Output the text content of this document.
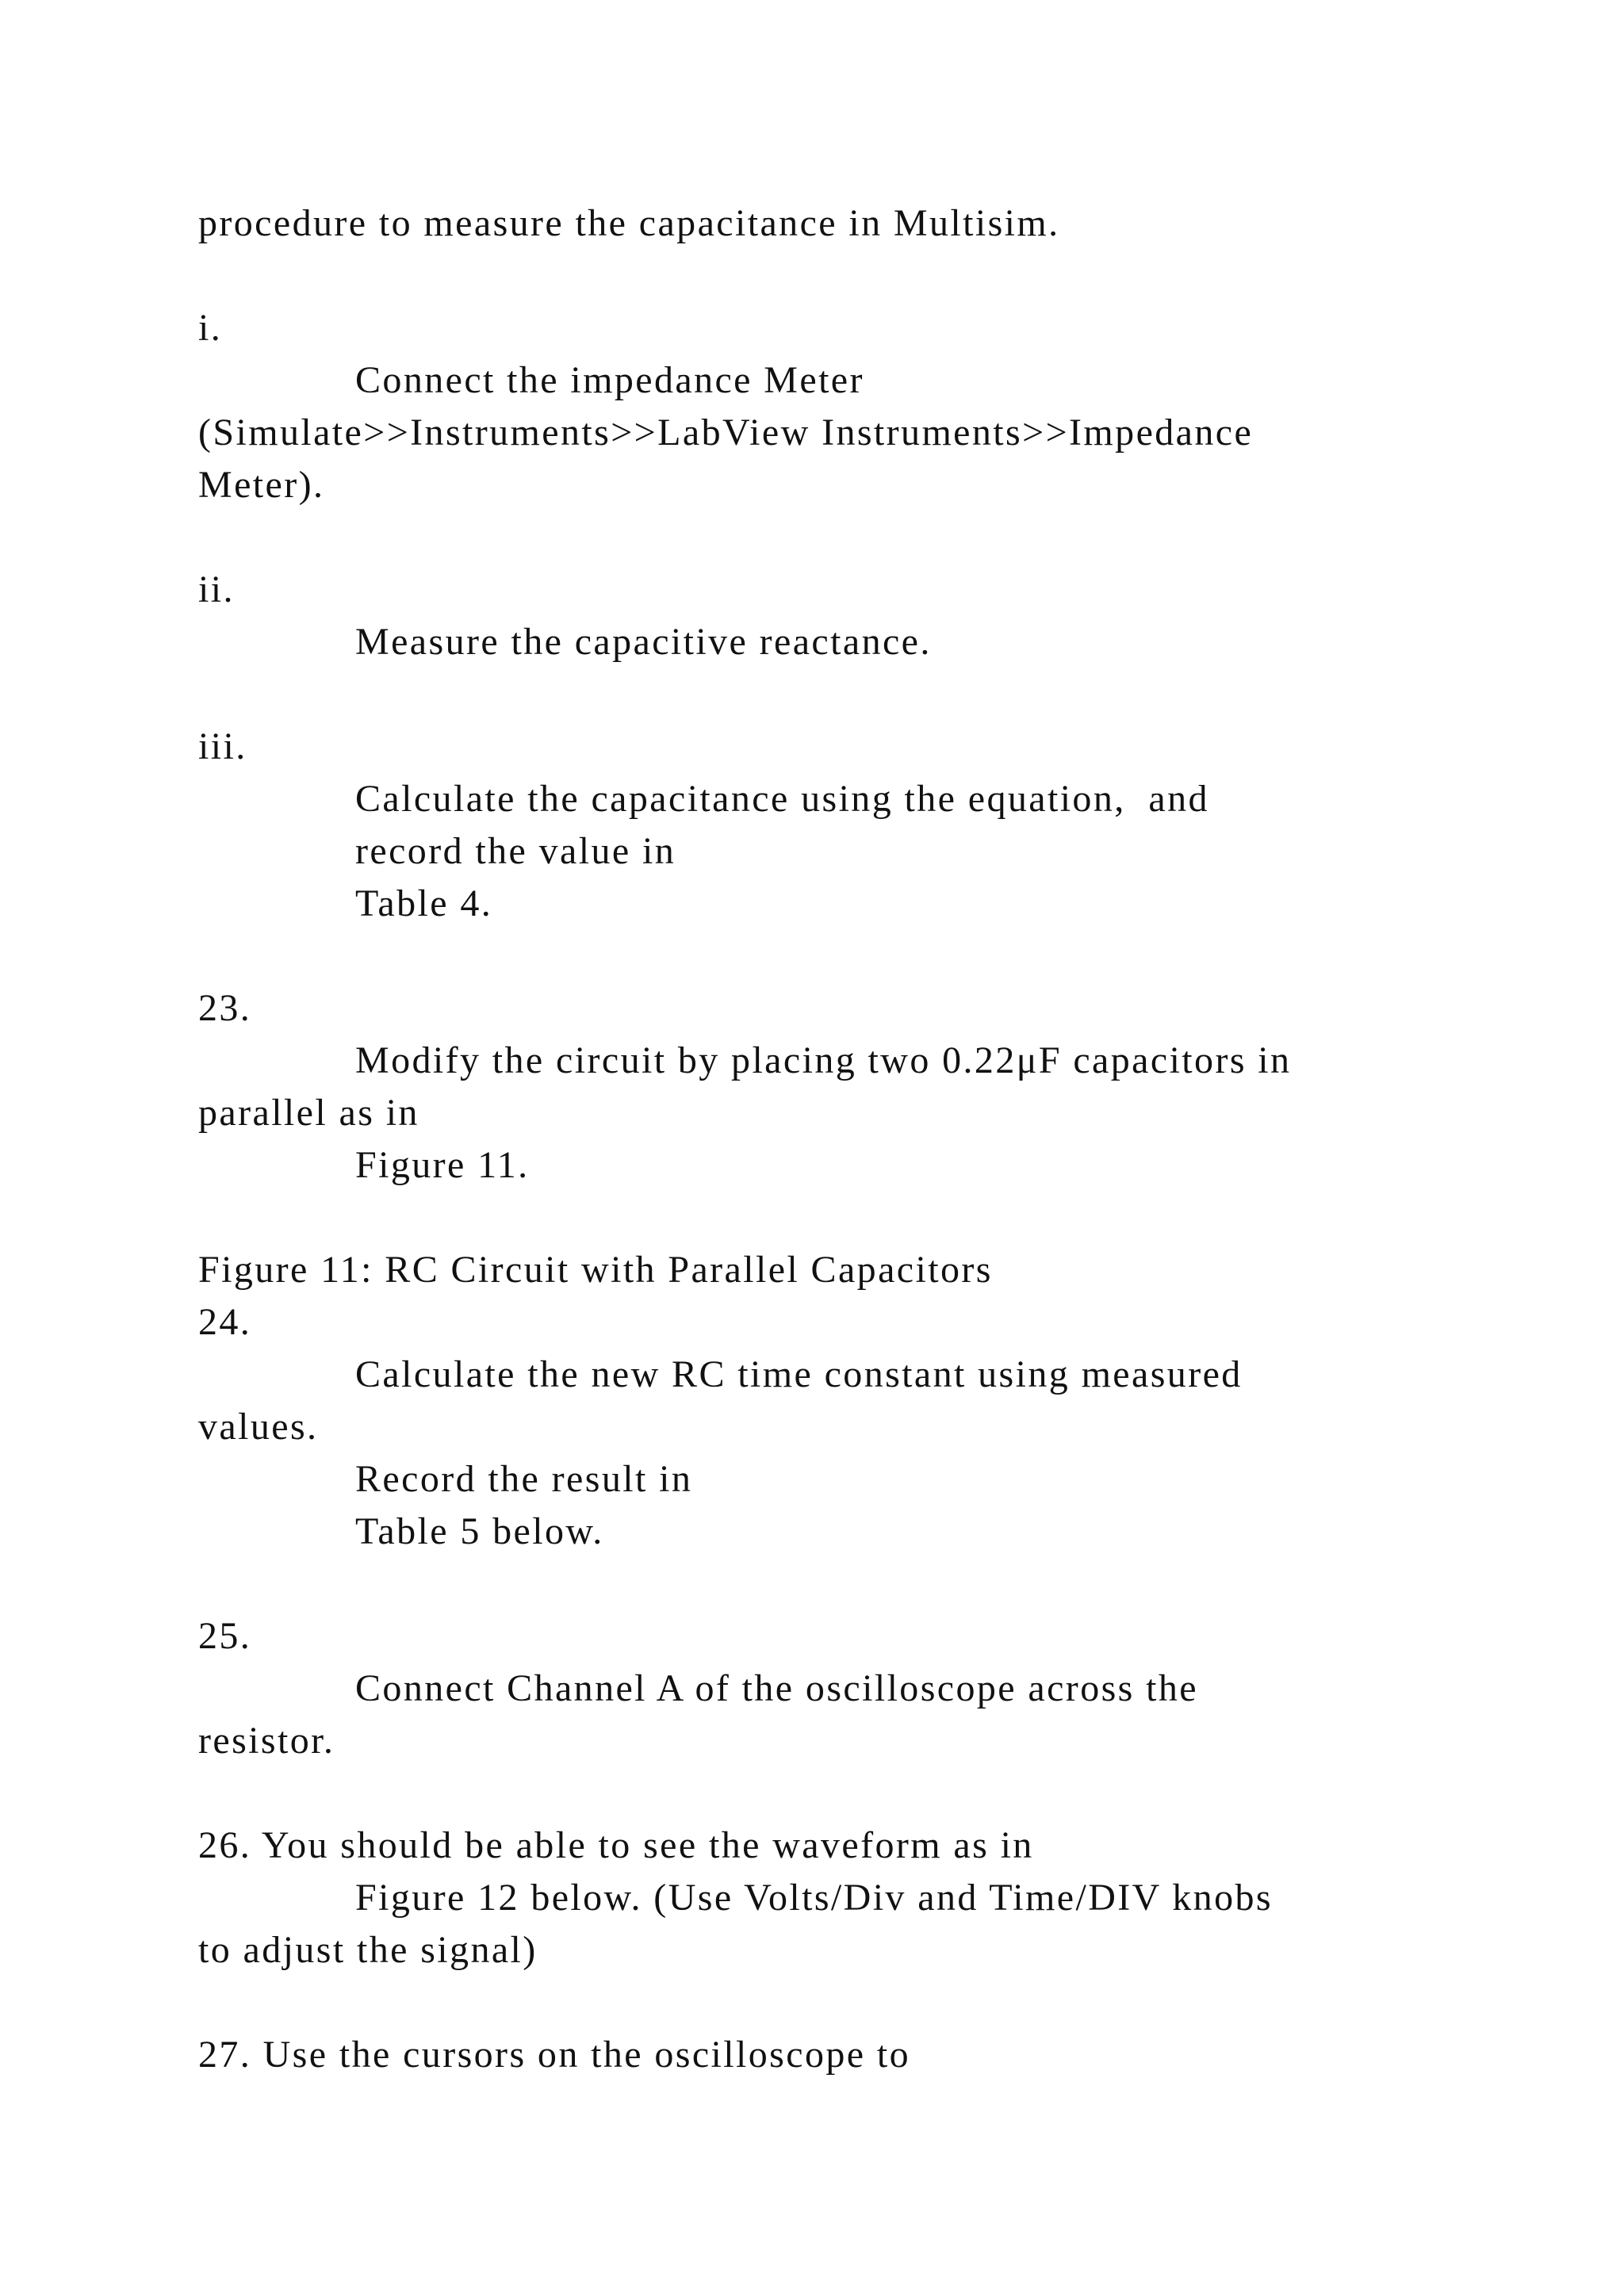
procedure to measure the capacitance in Multisim.
i.
Connect the impedance Meter
(Simulate>>Instruments>>LabView Instruments>>Impedance
Meter).
ii.
Measure the capacitive reactance.
iii.
Calculate the capacitance using the equation,  and
record the value in
Table 4.
23.
Modify the circuit by placing two 0.22μF capacitors in
parallel as in
Figure 11.
Figure 11: RC Circuit with Parallel Capacitors
24.
Calculate the new RC time constant using measured
values.
Record the result in
Table 5 below.
25.
Connect Channel A of the oscilloscope across the
resistor.
26. You should be able to see the waveform as in
Figure 12 below. (Use Volts/Div and Time/DIV knobs
to adjust the signal)
27. Use the cursors on the oscilloscope to
